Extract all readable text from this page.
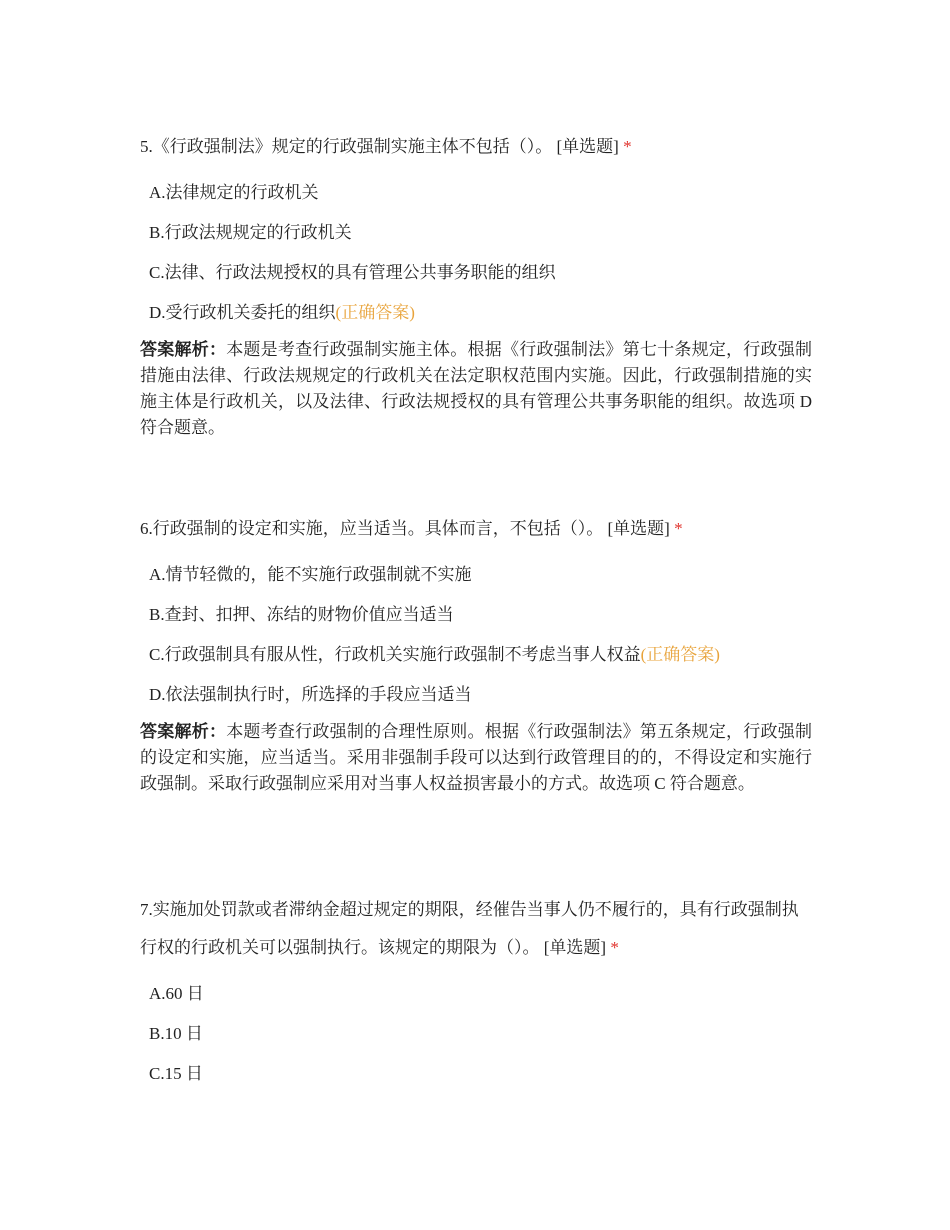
5.《行政强制法》规定的行政强制实施主体不包括（）。 [单选题] *

A.法律规定的行政机关
B.行政法规规定的行政机关
C.法律、行政法规授权的具有管理公共事务职能的组织
D.受行政机关委托的组织(正确答案)
答案解析：本题是考查行政强制实施主体。根据《行政强制法》第七十条规定，行政强制措施由法律、行政法规规定的行政机关在法定职权范围内实施。因此，行政强制措施的实施主体是行政机关，以及法律、行政法规授权的具有管理公共事务职能的组织。故选项 D 符合题意。

6.行政强制的设定和实施，应当适当。具体而言，不包括（）。 [单选题] *

A.情节轻微的，能不实施行政强制就不实施
B.查封、扣押、冻结的财物价值应当适当
C.行政强制具有服从性，行政机关实施行政强制不考虑当事人权益(正确答案)
D.依法强制执行时，所选择的手段应当适当
答案解析：本题考查行政强制的合理性原则。根据《行政强制法》第五条规定，行政强制的设定和实施，应当适当。采用非强制手段可以达到行政管理目的的，不得设定和实施行政强制。采取行政强制应采用对当事人权益损害最小的方式。故选项 C 符合题意。

7.实施加处罚款或者滞纳金超过规定的期限，经催告当事人仍不履行的，具有行政强制执行权的行政机关可以强制执行。该规定的期限为（）。 [单选题] *

A.60 日
B.10 日
C.15 日
